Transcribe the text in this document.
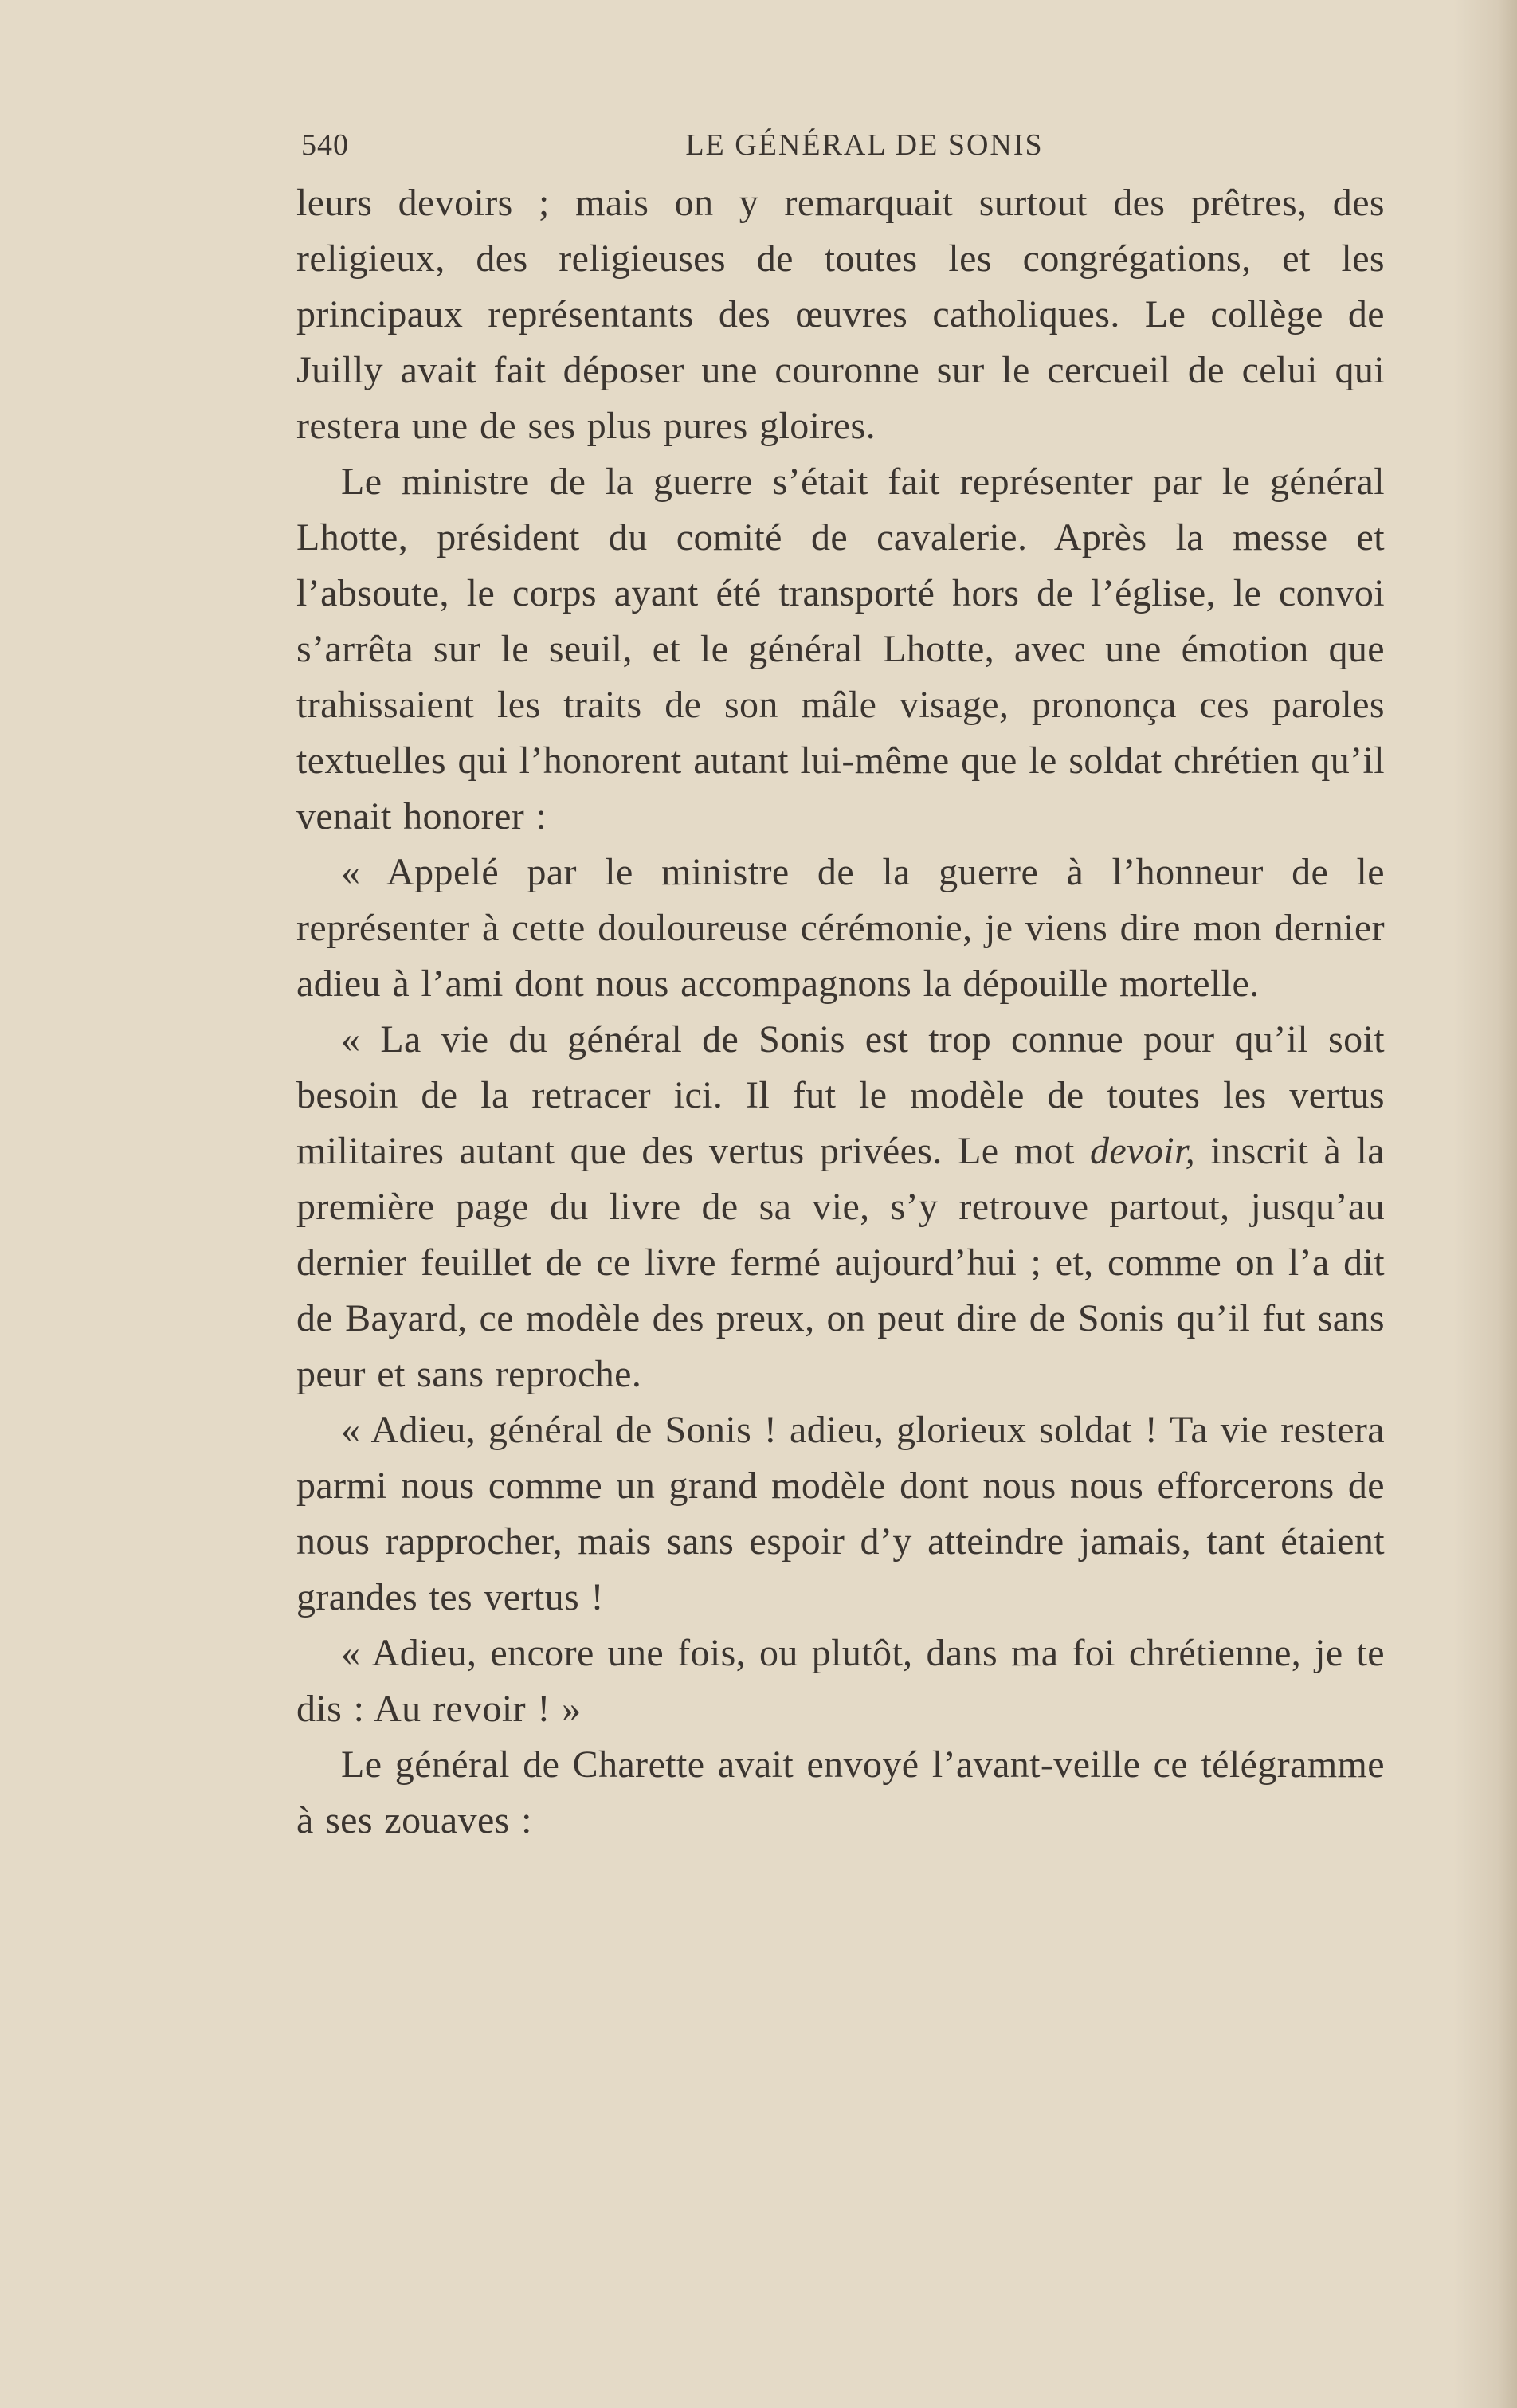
540	LE GÉNÉRAL DE SONIS

leurs devoirs ; mais on y remarquait surtout des prêtres, des religieux, des religieuses de toutes les congrégations, et les principaux représentants des œuvres catholiques. Le collège de Juilly avait fait déposer une couronne sur le cercueil de celui qui restera une de ses plus pures gloires.

Le ministre de la guerre s’était fait représenter par le général Lhotte, président du comité de cavalerie. Après la messe et l’absoute, le corps ayant été transporté hors de l’église, le convoi s’arrêta sur le seuil, et le général Lhotte, avec une émotion que trahissaient les traits de son mâle visage, prononça ces paroles textuelles qui l’honorent autant lui-même que le soldat chrétien qu’il venait honorer :

« Appelé par le ministre de la guerre à l’honneur de le représenter à cette douloureuse cérémonie, je viens dire mon dernier adieu à l’ami dont nous accompagnons la dépouille mortelle.

« La vie du général de Sonis est trop connue pour qu’il soit besoin de la retracer ici. Il fut le modèle de toutes les vertus militaires autant que des vertus privées. Le mot devoir, inscrit à la première page du livre de sa vie, s’y retrouve partout, jusqu’au dernier feuillet de ce livre fermé aujourd’hui ; et, comme on l’a dit de Bayard, ce modèle des preux, on peut dire de Sonis qu’il fut sans peur et sans reproche.

« Adieu, général de Sonis ! adieu, glorieux soldat ! Ta vie restera parmi nous comme un grand modèle dont nous nous efforcerons de nous rapprocher, mais sans espoir d’y atteindre jamais, tant étaient grandes tes vertus !

« Adieu, encore une fois, ou plutôt, dans ma foi chrétienne, je te dis : Au revoir ! »

Le général de Charette avait envoyé l’avant-veille ce télégramme à ses zouaves :
